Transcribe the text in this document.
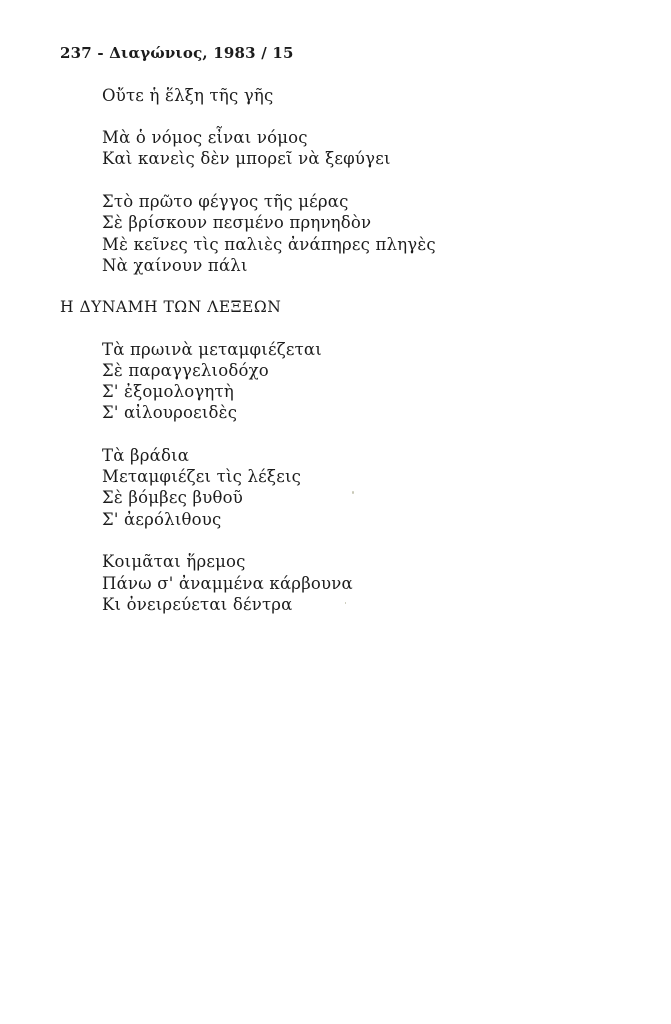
237 - Διαγώνιος, 1983 / 15
Οὔτε ἡ ἕλξη τῆς γῆς
Μὰ ὁ νόμος εἶναι νόμος
Καὶ κανεὶς δὲν μπορεῖ νὰ ξεφύγει
Στὸ πρῶτο φέγγος τῆς μέρας
Σὲ βρίσκουν πεσμένο πρηνηδὸν
Μὲ κεῖνες τὶς παλιὲς ἀνάπηρες πληγὲς
Νὰ χαίνουν πάλι
Η ΔΥΝΑΜΗ ΤΩΝ ΛΕΞΕΩΝ
Τὰ πρωινὰ μεταμφιέζεται
Σὲ παραγγελιοδόχο
Σ' ἐξομολογητὴ
Σ' αἰλουροειδὲς
Τὰ βράδια
Μεταμφιέζει τὶς λέξεις
Σὲ βόμβες βυθοῦ
Σ' ἀερόλιθους
Κοιμᾶται ἥρεμος
Πάνω σ' ἀναμμένα κάρβουνα
Κι ὀνειρεύεται δέντρα
